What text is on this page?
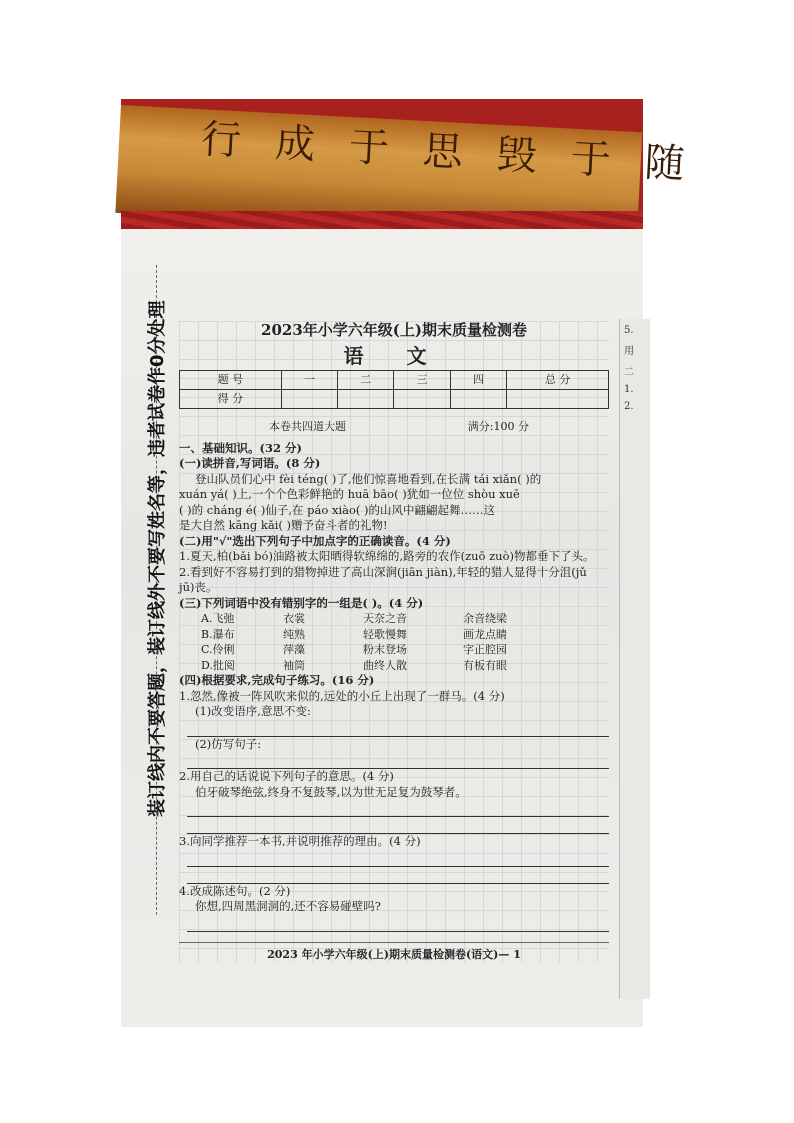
行成于思毁于随
装订线内不要答题，装订线外不要写姓名等，违者试卷作0分处理	5.
用
二
1.
2.
2023年小学六年级(上)期末质量检测卷
语 文
题 号	一	二	三	四	总 分
得 分					
本卷共四道大题	满分:100 分
一、基础知识。(32 分)
(一)读拼音,写词语。(8 分)
登山队员们心中 fèi téng( )了,他们惊喜地看到,在长满 tái xiǎn( )的
xuán yá( )上,一个个色彩鲜艳的 huā bāo( )犹如一位位 shòu xuē
( )的 cháng é( )仙子,在 páo xiào( )的山风中翩翩起舞……这
是大自然 kāng kǎi( )赠予奋斗者的礼物!
(二)用"√"选出下列句子中加点字的正确读音。(4 分)
1.夏天,柏(bǎi bó)油路被太阳晒得软绵绵的,路旁的农作(zuō zuò)物都垂下了头。
2.看到好不容易打到的猎物掉进了高山深涧(jiān jiàn),年轻的猎人显得十分沮(jǔ
jū)丧。
(三)下列词语中没有错别字的一组是( )。(4 分)
A.飞弛	衣裳	天奈之音	余音绕梁
B.瀑布	纯熟	轻歌慢舞	画龙点睛
C.伶俐	萍藻	粉末登场	字正腔园
D.批阅	袖筒	曲终人散	有板有眼
(四)根据要求,完成句子练习。(16 分)
1.忽然,像被一阵风吹来似的,远处的小丘上出现了一群马。(4 分)
(1)改变语序,意思不变:
(2)仿写句子:
2.用自己的话说说下列句子的意思。(4 分)
伯牙破琴绝弦,终身不复鼓琴,以为世无足复为鼓琴者。
3.向同学推荐一本书,并说明推荐的理由。(4 分)
4.改成陈述句。(2 分)
你想,四周黑洞洞的,还不容易碰壁吗?
2023 年小学六年级(上)期末质量检测卷(语文)— 1
